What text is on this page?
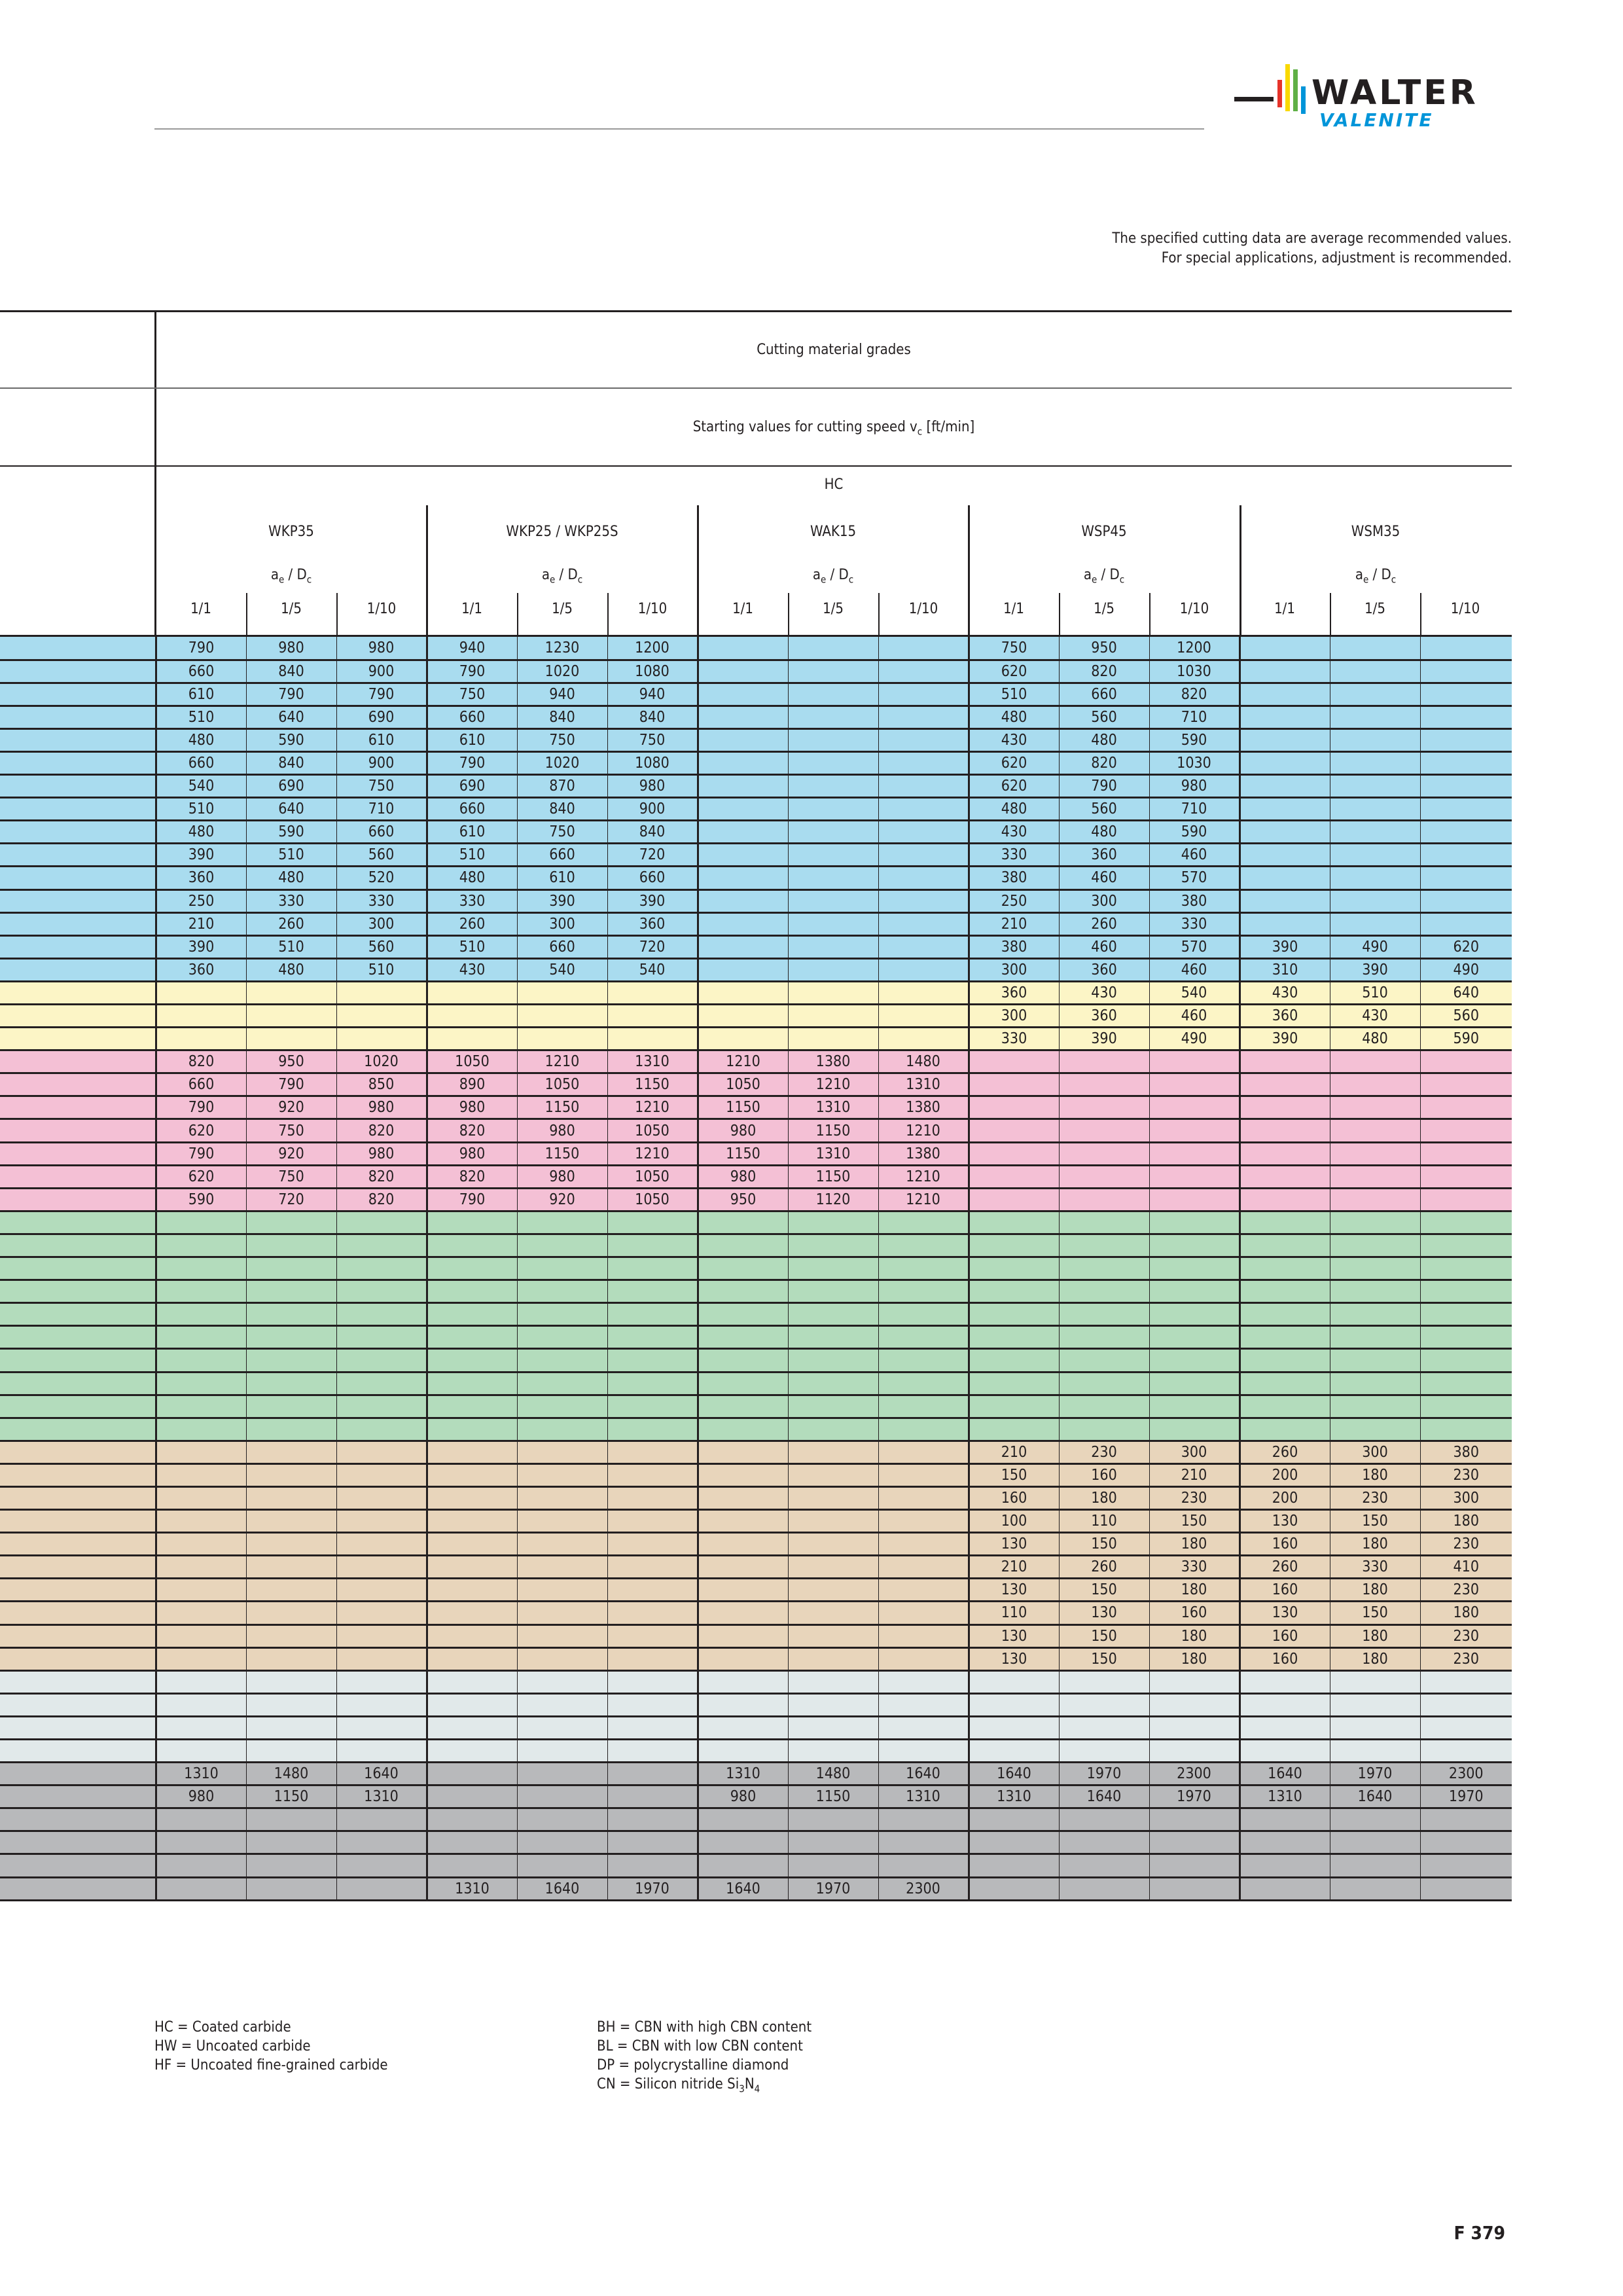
WALTER
VALENITE
The specified cutting data are average recommended values.
For special applications, adjustment is recommended.
Cutting material grades
Starting values for cutting speed $v_c$ [ft/min]
HC
WKP35	WKP25 / WKP25S	WAK15	WSP45	WSM35
$a_e / D_c$	$a_e / D_c$	$a_e / D_c$	$a_e / D_c$	$a_e / D_c$
1/1	1/5	1/10	1/1	1/5	1/10	1/1	1/5	1/10	1/1	1/5	1/10	1/1	1/5	1/10
	790	980	980	940	1230	1200				750	950	1200			
	660	840	900	790	1020	1080				620	820	1030			
	610	790	790	750	940	940				510	660	820			
	510	640	690	660	840	840				480	560	710			
	480	590	610	610	750	750				430	480	590			
	660	840	900	790	1020	1080				620	820	1030			
	540	690	750	690	870	980				620	790	980			
	510	640	710	660	840	900				480	560	710			
	480	590	660	610	750	840				430	480	590			
	390	510	560	510	660	720				330	360	460			
	360	480	520	480	610	660				380	460	570			
	250	330	330	330	390	390				250	300	380			
	210	260	300	260	300	360				210	260	330			
	390	510	560	510	660	720				380	460	570	390	490	620
	360	480	510	430	540	540				300	360	460	310	390	490
										360	430	540	430	510	640
										300	360	460	360	430	560
										330	390	490	390	480	590
	820	950	1020	1050	1210	1310	1210	1380	1480						
	660	790	850	890	1050	1150	1050	1210	1310						
	790	920	980	980	1150	1210	1150	1310	1380						
	620	750	820	820	980	1050	980	1150	1210						
	790	920	980	980	1150	1210	1150	1310	1380						
	620	750	820	820	980	1050	980	1150	1210						
	590	720	820	790	920	1050	950	1120	1210						

										210	230	300	260	300	380
										150	160	210	200	180	230
										160	180	230	200	230	300
										100	110	150	130	150	180
										130	150	180	160	180	230
										210	260	330	260	330	410
										130	150	180	160	180	230
										110	130	160	130	150	180
										130	150	180	160	180	230
										130	150	180	160	180	230

	1310	1480	1640				1310	1480	1640	1640	1970	2300	1640	1970	2300
	980	1150	1310				980	1150	1310	1310	1640	1970	1310	1640	1970

				1310	1640	1970	1640	1970	2300						
HC = Coated carbide
HW = Uncoated carbide
HF = Uncoated fine-grained carbide
BH = CBN with high CBN content
BL = CBN with low CBN content
DP = polycrystalline diamond
CN = Silicon nitride $Si_3N_4$
F 379
